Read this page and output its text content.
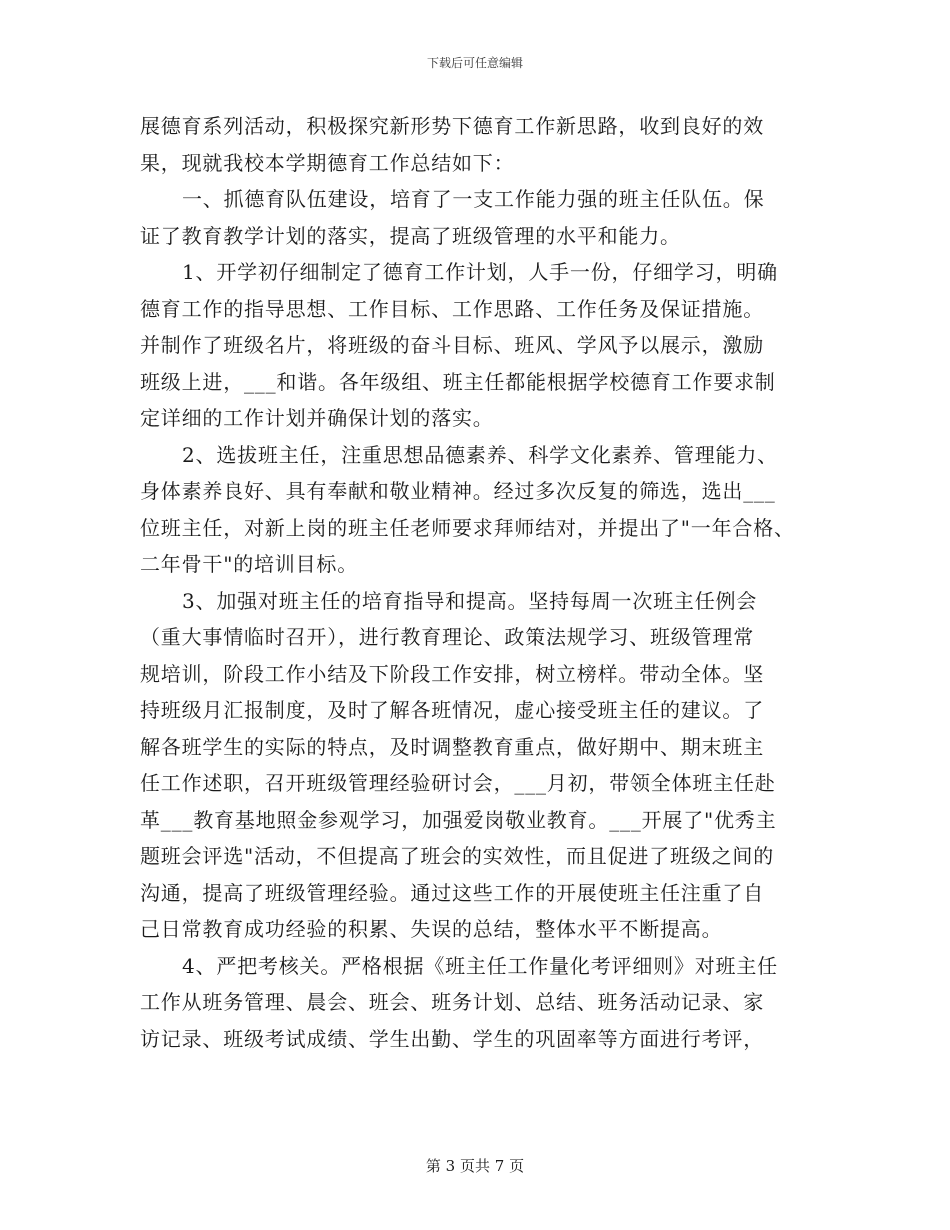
下载后可任意编辑
展德育系列活动，积极探究新形势下德育工作新思路，收到良好的效
果，现就我校本学期德育工作总结如下：
一、抓德育队伍建设，培育了一支工作能力强的班主任队伍。保
证了教育教学计划的落实，提高了班级管理的水平和能力。
1、开学初仔细制定了德育工作计划，人手一份，仔细学习，明确
德育工作的指导思想、工作目标、工作思路、工作任务及保证措施。
并制作了班级名片，将班级的奋斗目标、班风、学风予以展示，激励
班级上进，___和谐。各年级组、班主任都能根据学校德育工作要求制
定详细的工作计划并确保计划的落实。
2、选拔班主任，注重思想品德素养、科学文化素养、管理能力、
身体素养良好、具有奉献和敬业精神。经过多次反复的筛选，选出___
位班主任，对新上岗的班主任老师要求拜师结对，并提出了"一年合格、
二年骨干"的培训目标。
3、加强对班主任的培育指导和提高。坚持每周一次班主任例会
（重大事情临时召开），进行教育理论、政策法规学习、班级管理常
规培训，阶段工作小结及下阶段工作安排，树立榜样。带动全体。坚
持班级月汇报制度，及时了解各班情况，虚心接受班主任的建议。了
解各班学生的实际的特点，及时调整教育重点，做好期中、期末班主
任工作述职，召开班级管理经验研讨会，___月初，带领全体班主任赴
革___教育基地照金参观学习，加强爱岗敬业教育。___开展了"优秀主
题班会评选"活动，不但提高了班会的实效性，而且促进了班级之间的
沟通，提高了班级管理经验。通过这些工作的开展使班主任注重了自
己日常教育成功经验的积累、失误的总结，整体水平不断提高。
4、严把考核关。严格根据《班主任工作量化考评细则》对班主任
工作从班务管理、晨会、班会、班务计划、总结、班务活动记录、家
访记录、班级考试成绩、学生出勤、学生的巩固率等方面进行考评，
第 3 页共 7 页
